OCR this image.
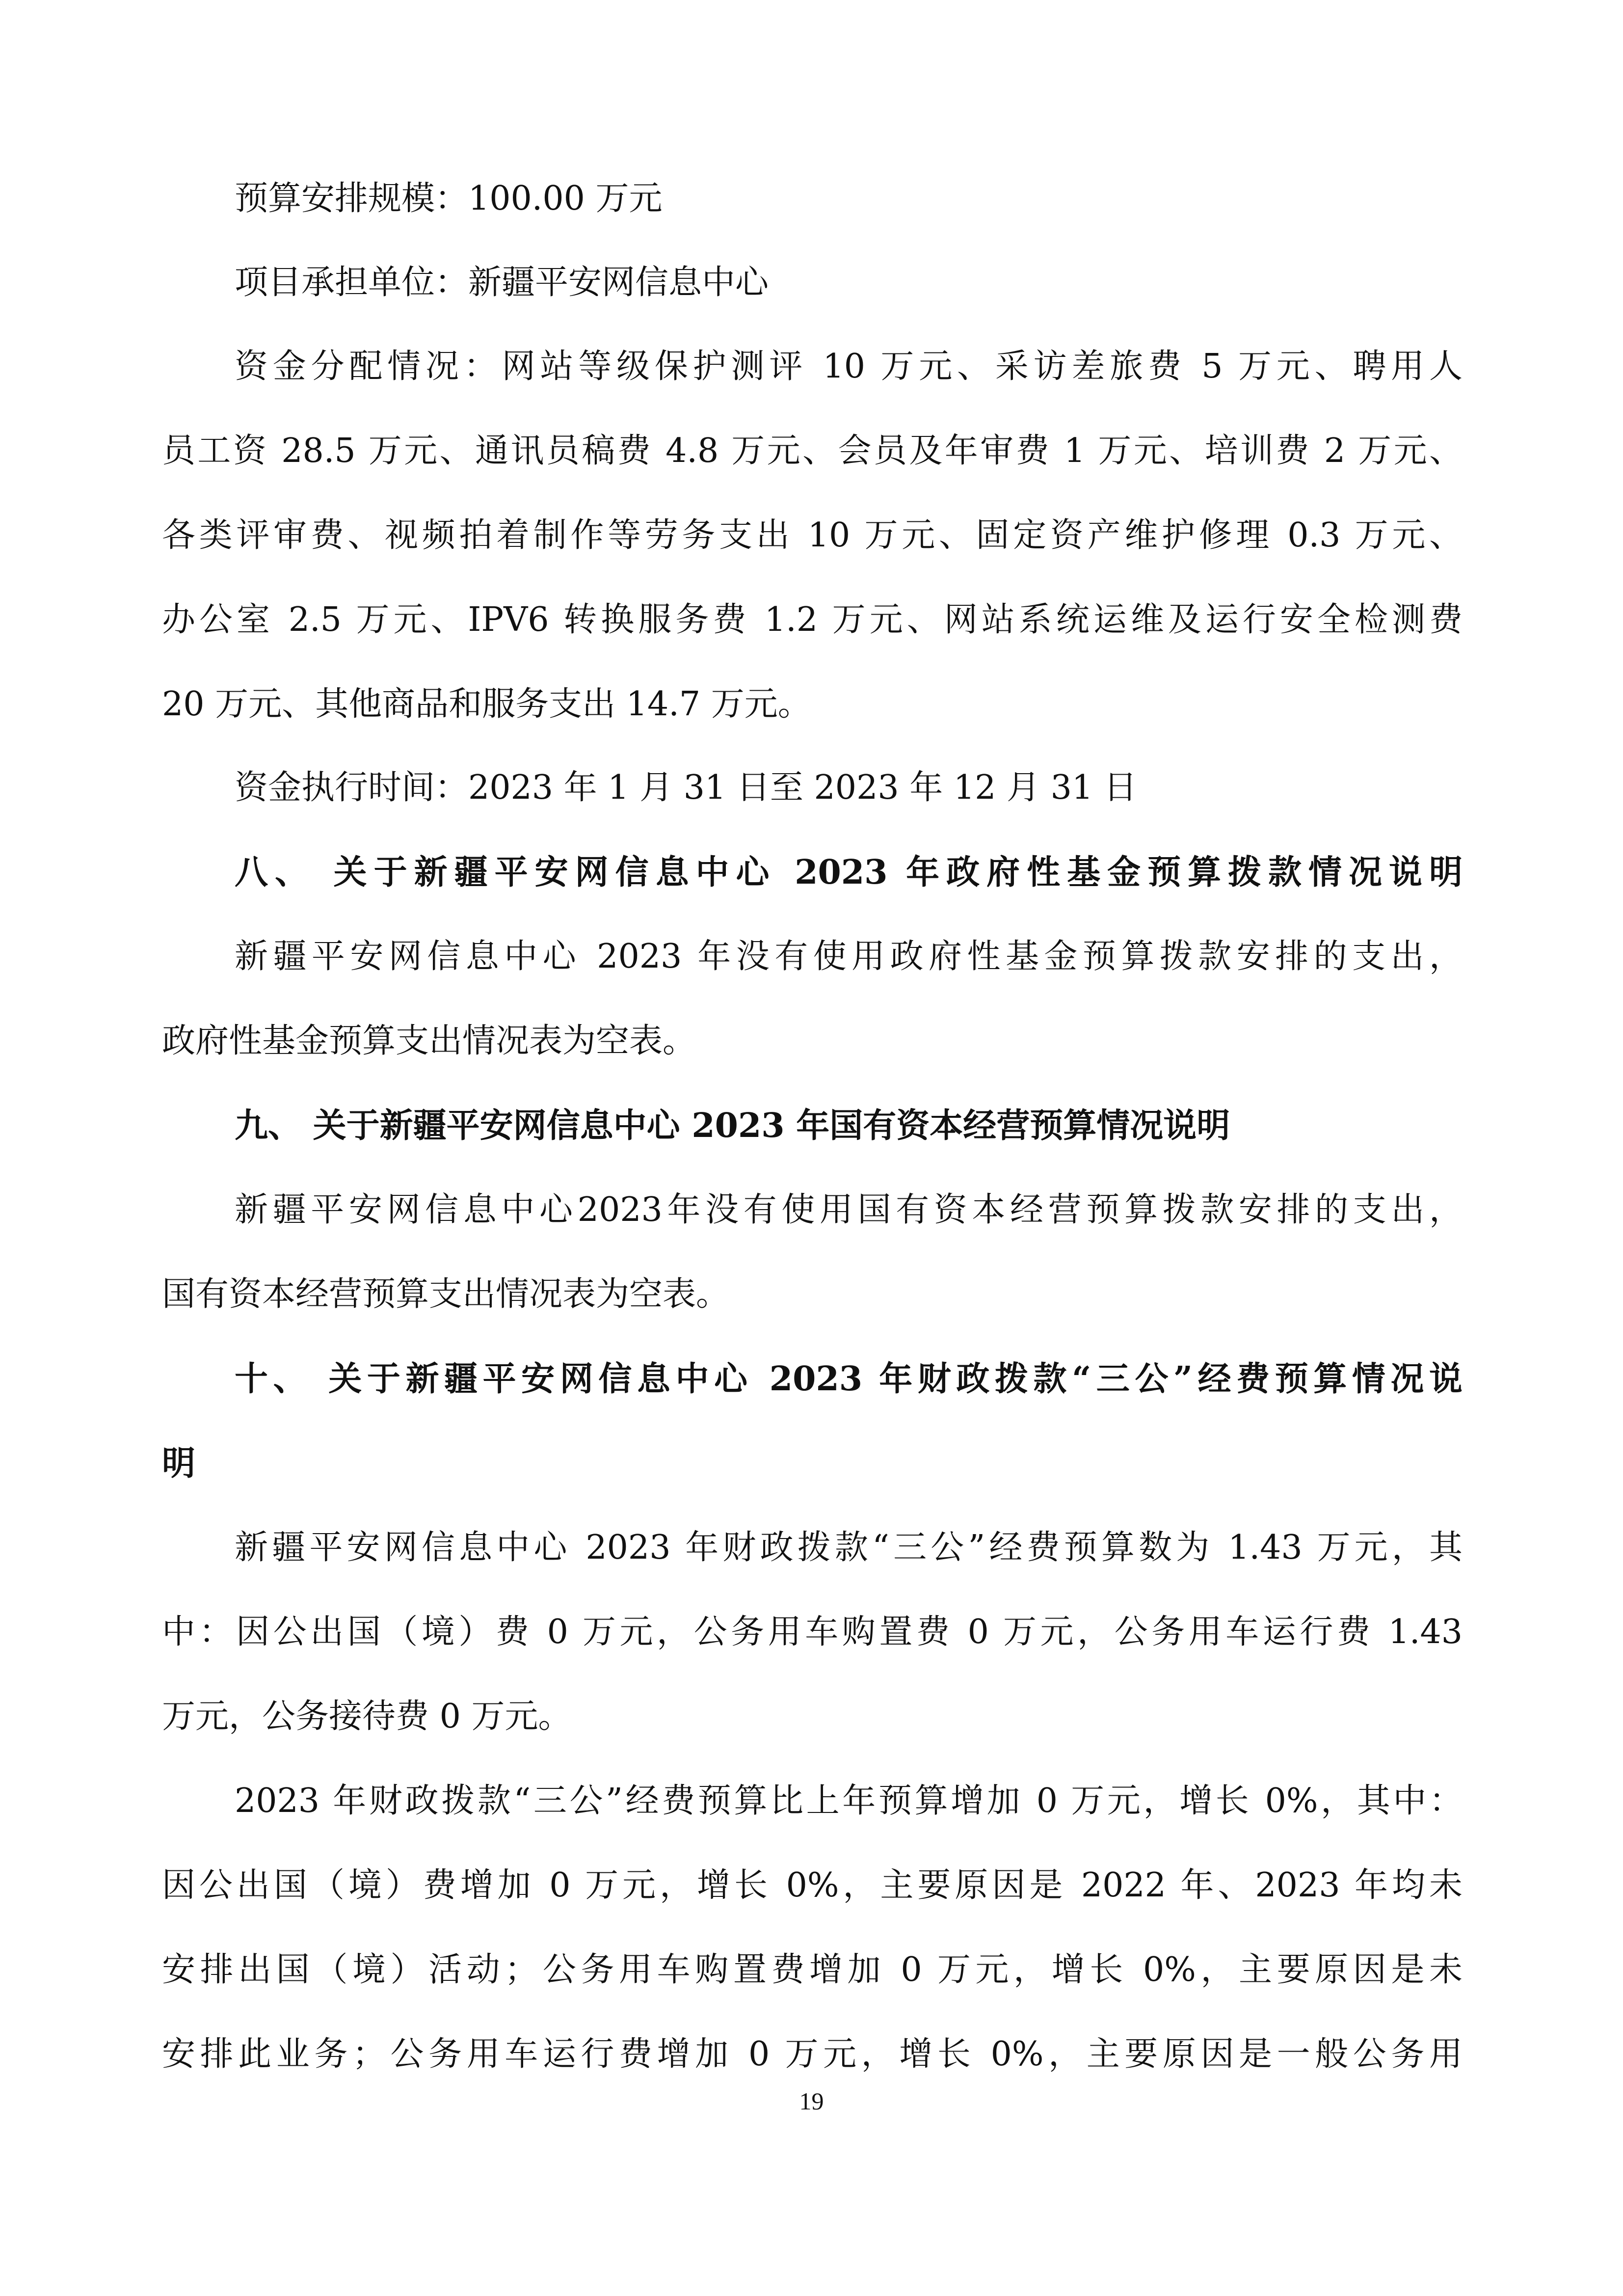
预算安排规模：100.00 万元
项目承担单位：新疆平安网信息中心
资金分配情况：网站等级保护测评 10 万元、采访差旅费 5 万元、聘用人
员工资 28.5 万元、通讯员稿费 4.8 万元、会员及年审费 1 万元、培训费 2 万元、
各类评审费、视频拍着制作等劳务支出 10 万元、固定资产维护修理 0.3 万元、
办公室 2.5 万元、IPV6 转换服务费 1.2 万元、网站系统运维及运行安全检测费
20 万元、其他商品和服务支出 14.7 万元。
资金执行时间：2023 年 1 月 31 日至 2023 年 12 月 31 日
八、 关于新疆平安网信息中心 2023 年政府性基金预算拨款情况说明
新疆平安网信息中心 2023 年没有使用政府性基金预算拨款安排的支出，
政府性基金预算支出情况表为空表。
九、 关于新疆平安网信息中心 2023 年国有资本经营预算情况说明
新疆平安网信息中心2023年没有使用国有资本经营预算拨款安排的支出，
国有资本经营预算支出情况表为空表。
十、 关于新疆平安网信息中心 2023 年财政拨款“三公”经费预算情况说
明
新疆平安网信息中心 2023 年财政拨款“三公”经费预算数为 1.43 万元，其
中：因公出国（境）费 0 万元，公务用车购置费 0 万元，公务用车运行费 1.43
万元，公务接待费 0 万元。
2023 年财政拨款“三公”经费预算比上年预算增加 0 万元，增长 0%，其中：
因公出国（境）费增加 0 万元，增长 0%，主要原因是 2022 年、2023 年均未
安排出国（境）活动；公务用车购置费增加 0 万元，增长 0%，主要原因是未
安排此业务；公务用车运行费增加 0 万元，增长 0%，主要原因是一般公务用
19
